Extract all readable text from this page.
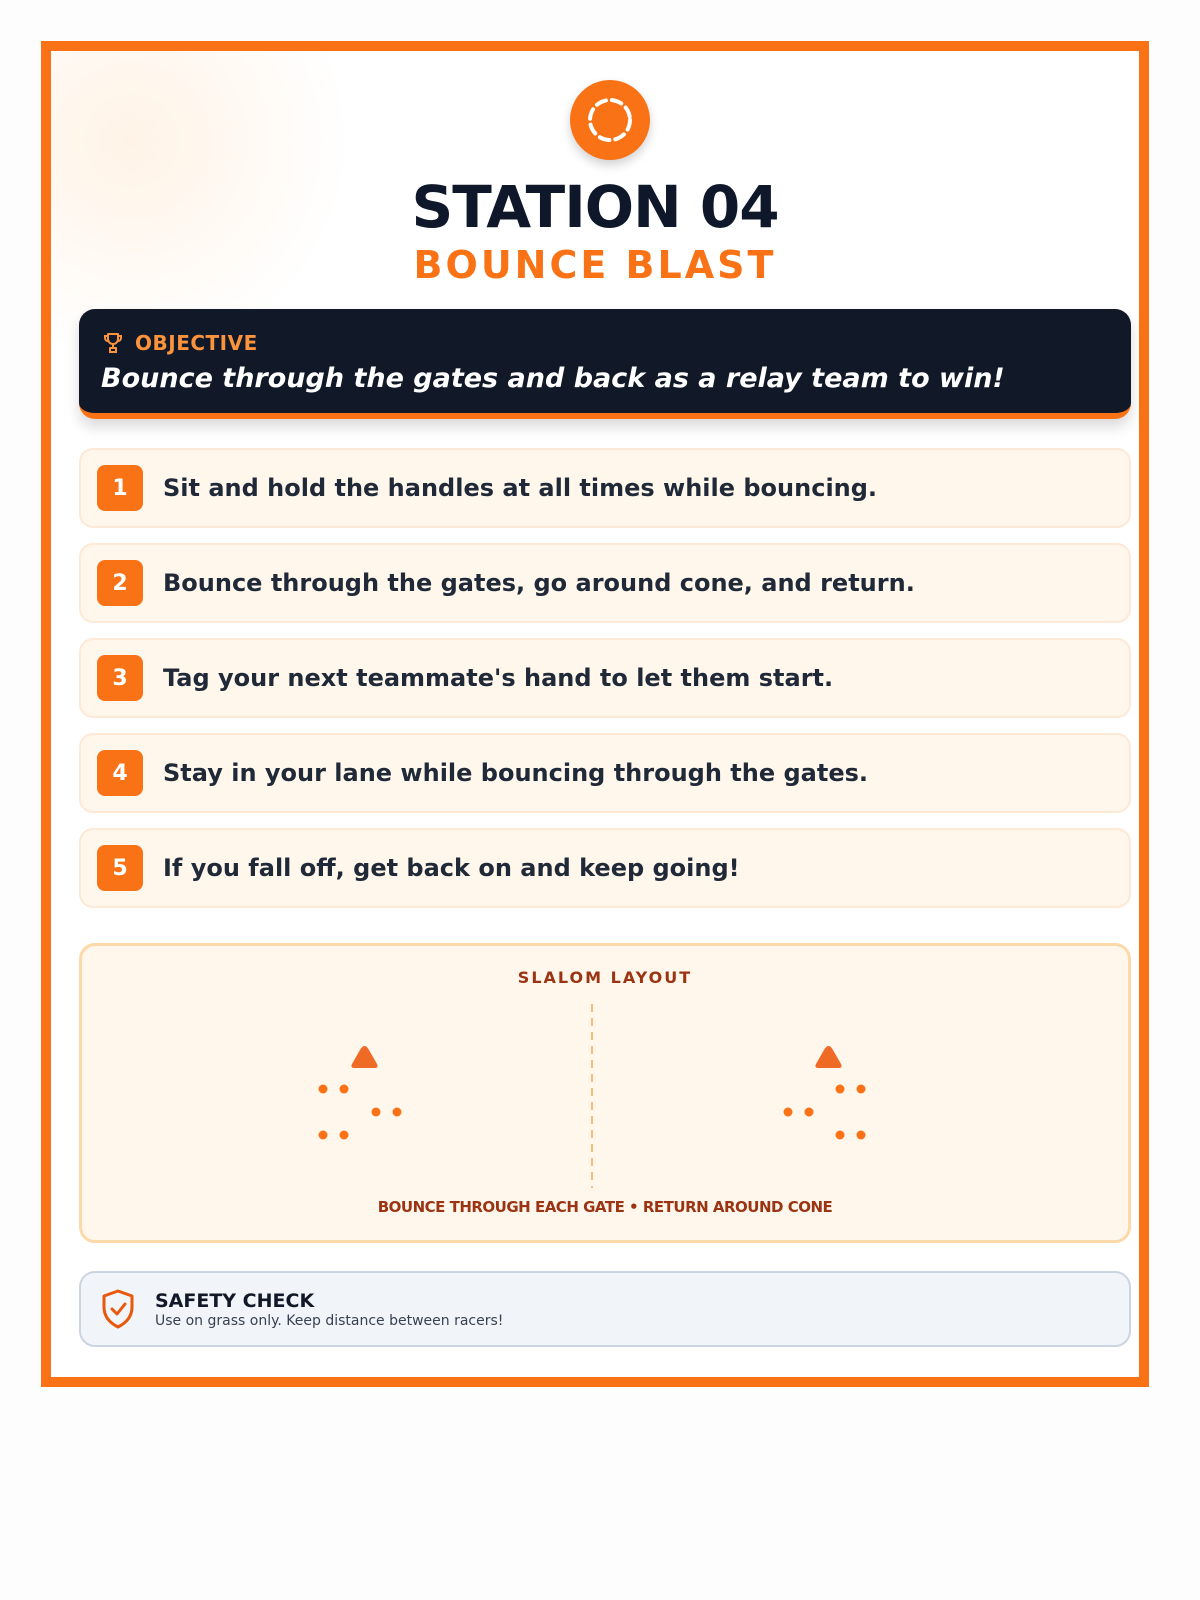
STATION 04
BOUNCE BLAST
OBJECTIVE
Bounce through the gates and back as a relay team to win!
1	Sit and hold the handles at all times while bouncing.
2	Bounce through the gates, go around cone, and return.
3	Tag your next teammate's hand to let them start.
4	Stay in your lane while bouncing through the gates.
5	If you fall off, get back on and keep going!
SLALOM LAYOUT
BOUNCE THROUGH EACH GATE • RETURN AROUND CONE
SAFETY CHECK
Use on grass only. Keep distance between racers!
